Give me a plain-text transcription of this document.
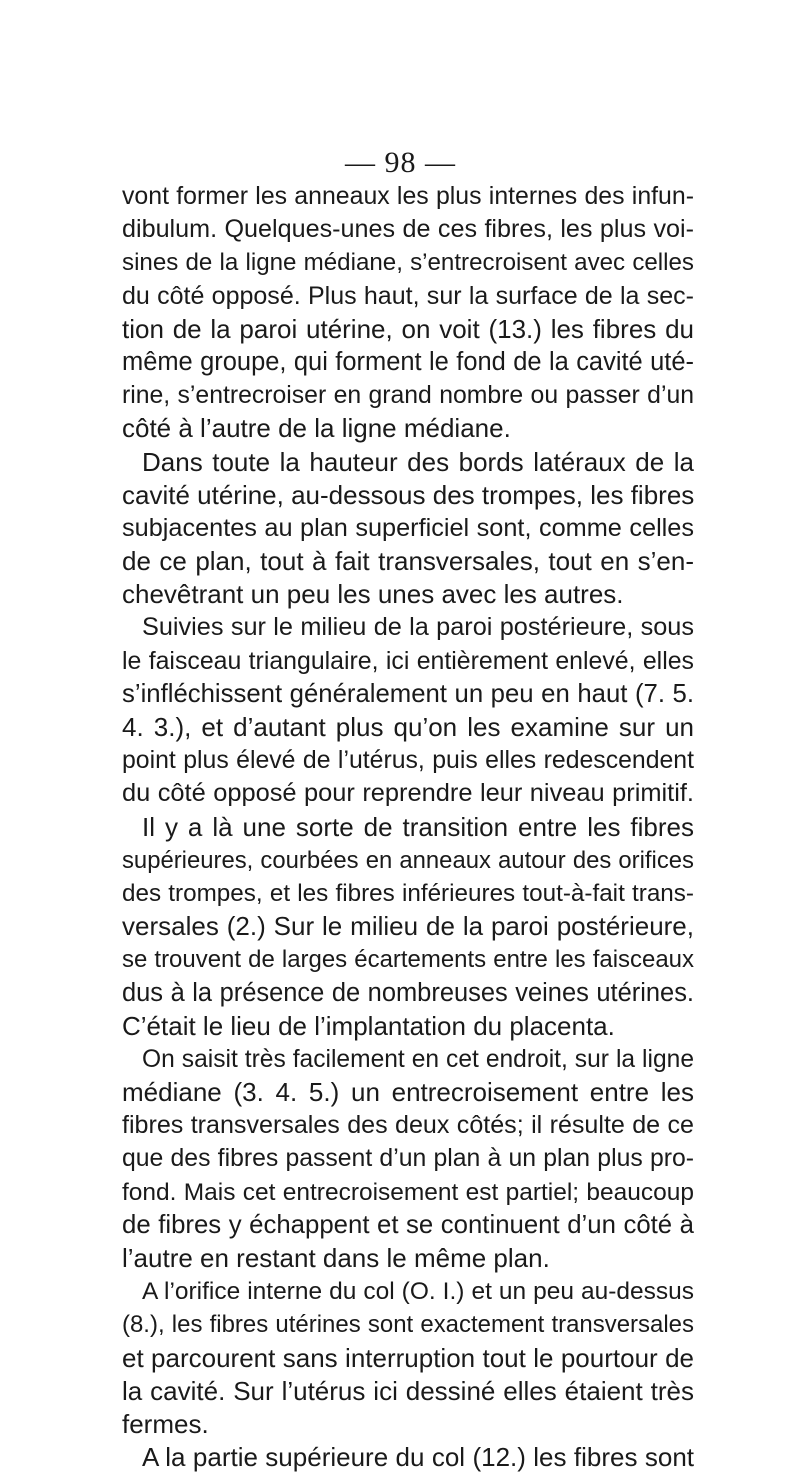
— 98 —
vont former les anneaux les plus internes des infun-
dibulum. Quelques-unes de ces fibres, les plus voi-
sines de la ligne médiane, s’entrecroisent avec celles
du côté opposé. Plus haut, sur la surface de la sec-
tion de la paroi utérine, on voit (13.) les fibres du
même groupe, qui forment le fond de la cavité uté-
rine, s’entrecroiser en grand nombre ou passer d’un
côté à l’autre de la ligne médiane.
Dans toute la hauteur des bords latéraux de la
cavité utérine, au-dessous des trompes, les fibres
subjacentes au plan superficiel sont, comme celles
de ce plan, tout à fait transversales, tout en s’en-
chevêtrant un peu les unes avec les autres.
Suivies sur le milieu de la paroi postérieure, sous
le faisceau triangulaire, ici entièrement enlevé, elles
s’infléchissent généralement un peu en haut (7. 5.
4. 3.), et d’autant plus qu’on les examine sur un
point plus élevé de l’utérus, puis elles redescendent
du côté opposé pour reprendre leur niveau primitif.
Il y a là une sorte de transition entre les fibres
supérieures, courbées en anneaux autour des orifices
des trompes, et les fibres inférieures tout-à-fait trans-
versales (2.) Sur le milieu de la paroi postérieure,
se trouvent de larges écartements entre les faisceaux
dus à la présence de nombreuses veines utérines.
C’était le lieu de l’implantation du placenta.
On saisit très facilement en cet endroit, sur la ligne
médiane (3. 4. 5.) un entrecroisement entre les
fibres transversales des deux côtés; il résulte de ce
que des fibres passent d’un plan à un plan plus pro-
fond. Mais cet entrecroisement est partiel; beaucoup
de fibres y échappent et se continuent d’un côté à
l’autre en restant dans le même plan.
A l’orifice interne du col (O. I.) et un peu au-dessus
(8.), les fibres utérines sont exactement transversales
et parcourent sans interruption tout le pourtour de
la cavité. Sur l’utérus ici dessiné elles étaient très
fermes.
A la partie supérieure du col (12.) les fibres sont
